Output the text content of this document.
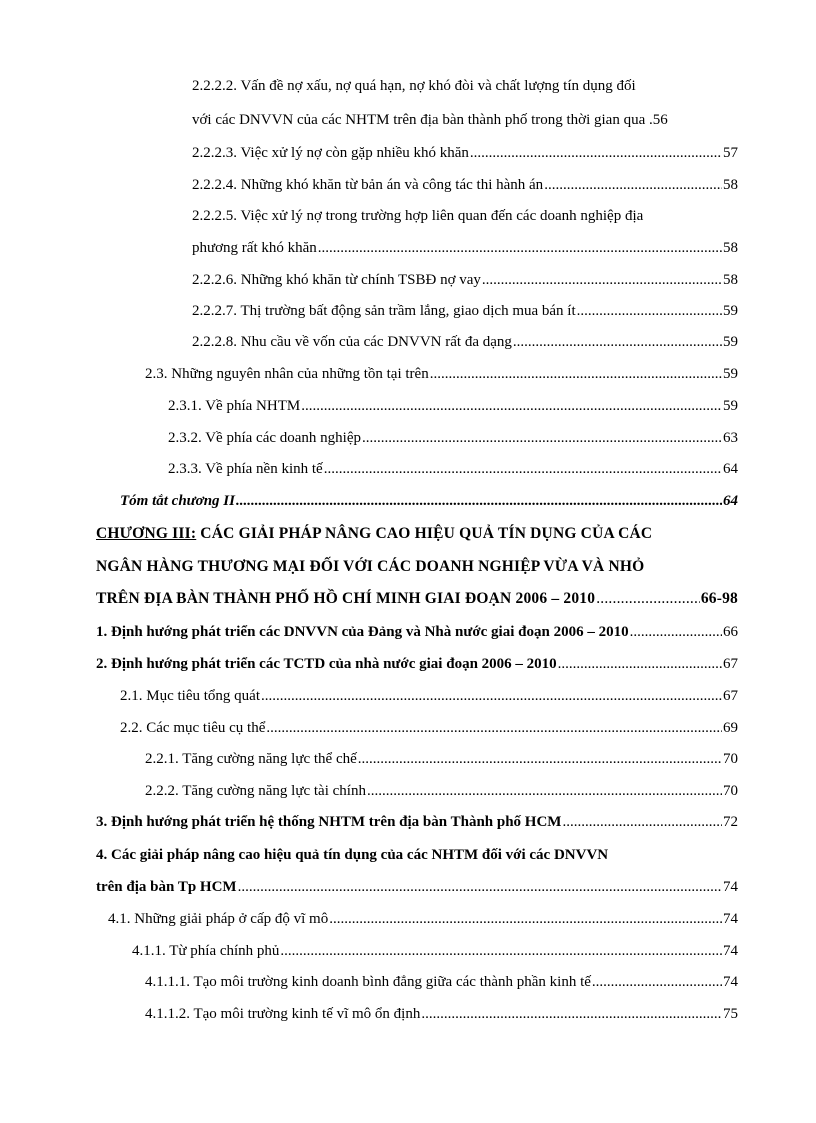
2.2.2.2. Vấn đề nợ xấu, nợ quá hạn, nợ khó đòi và chất lượng tín dụng đối
với các DNVVN của các NHTM trên địa bàn thành phố trong thời gian qua .56
2.2.2.3. Việc xử lý nợ còn gặp nhiều khó khăn .....	57
2.2.2.4. Những khó khăn từ bản án và công tác thi hành án .....	58
2.2.2.5. Việc xử lý nợ trong trường hợp liên quan đến các doanh nghiệp địa
phương rất khó khăn .....	58
2.2.2.6. Những khó khăn từ chính TSBĐ nợ vay .....	58
2.2.2.7. Thị trường bất động sản trầm lắng, giao dịch mua bán ít .....	59
2.2.2.8. Nhu cầu về vốn của các DNVVN rất đa dạng .....	59
2.3. Những nguyên nhân của những tồn tại trên .....	59
2.3.1. Về phía NHTM .....	59
2.3.2. Về phía các doanh nghiệp .....	63
2.3.3. Về phía nền kinh tế .....	64
Tóm tắt chương II .....	64
CHƯƠNG III: CÁC GIẢI PHÁP NÂNG CAO HIỆU QUẢ TÍN DỤNG CỦA CÁC
NGÂN HÀNG THƯƠNG MẠI ĐỐI VỚI CÁC DOANH NGHIỆP VỪA VÀ NHỎ
TRÊN ĐỊA BÀN THÀNH PHỐ HỒ CHÍ MINH GIAI ĐOẠN 2006 – 2010 .....	66-98
1. Định hướng phát triển các DNVVN của Đảng và Nhà nước giai đoạn 2006 – 2010 .....	66
2. Định hướng phát triển các TCTD của nhà nước giai đoạn 2006 – 2010 .....	67
2.1. Mục tiêu tổng quát .....	67
2.2. Các mục tiêu cụ thể .....	69
2.2.1. Tăng cường năng lực thể chế .....	70
2.2.2. Tăng cường năng lực tài chính .....	70
3. Định hướng phát triển hệ thống NHTM trên địa bàn Thành phố HCM .....	72
4. Các giải pháp nâng cao hiệu quả tín dụng của các NHTM đối với các DNVVN
trên địa bàn Tp HCM .....	74
4.1. Những giải pháp ở cấp độ vĩ mô .....	74
4.1.1. Từ phía chính phủ .....	74
4.1.1.1. Tạo môi trường kinh doanh bình đẳng giữa các thành phần kinh tế .....	74
4.1.1.2. Tạo môi trường kinh tế vĩ mô ổn định .....	75
